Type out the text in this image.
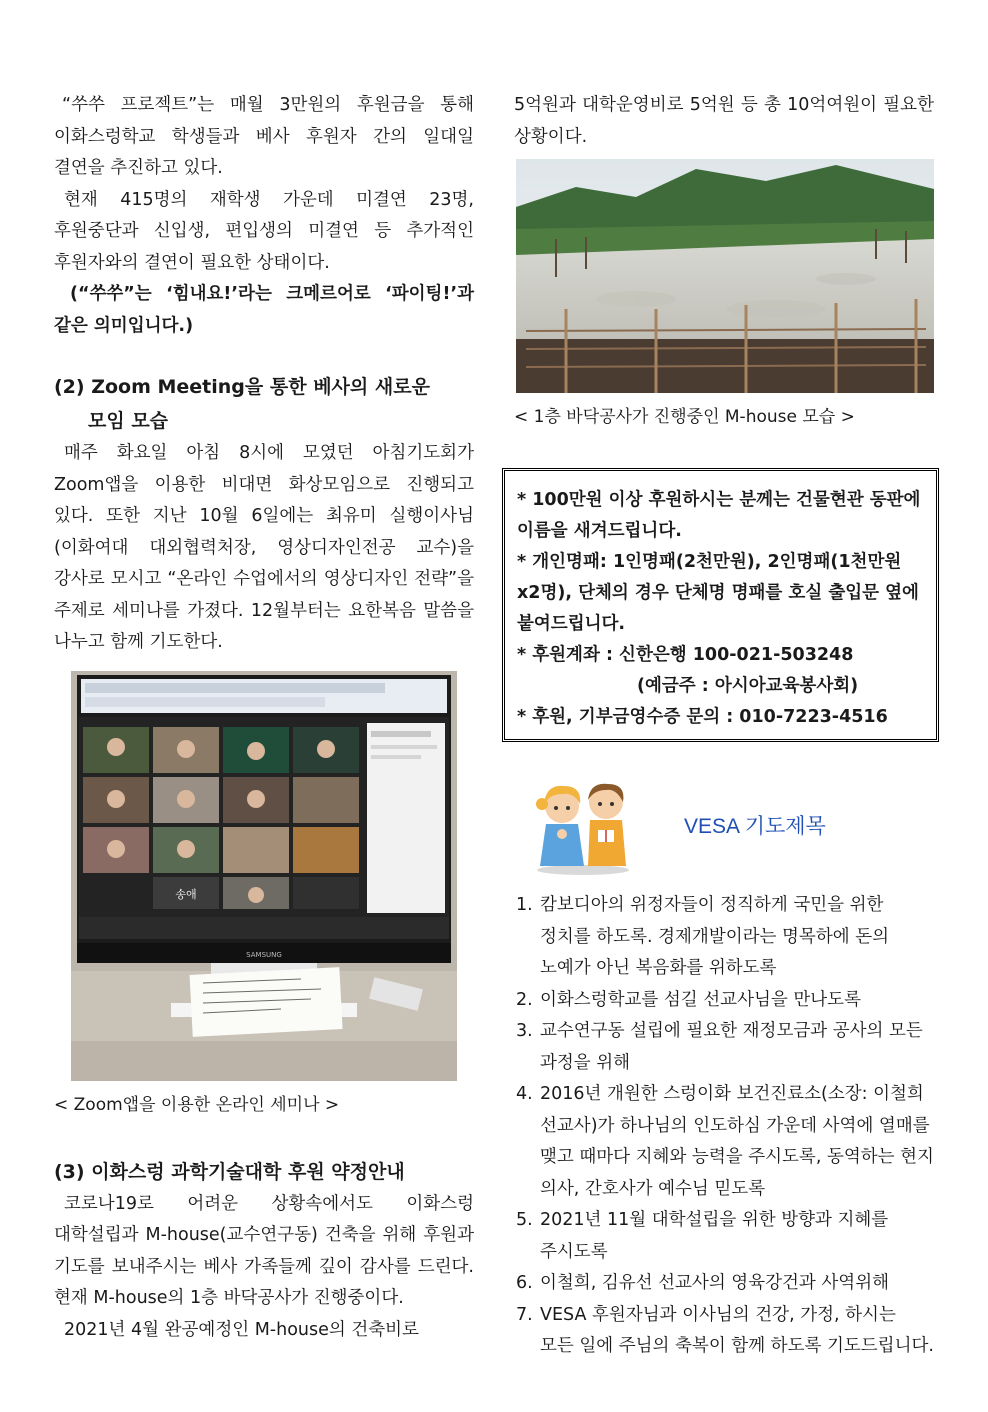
“쑤쑤 프로젝트”는 매월 3만원의 후원금을 통해 이화스렁학교 학생들과 베사 후원자 간의 일대일 결연을 추진하고 있다.

현재 415명의 재학생 가운데 미결연 23명, 후원중단과 신입생, 편입생의 미결연 등 추가적인 후원자와의 결연이 필요한 상태이다.

(“쑤쑤”는 ‘힘내요!’라는 크메르어로 ‘파이팅!’과 같은 의미입니다.)

(2) Zoom Meeting을 통한 베사의 새로운
모임 모습

매주 화요일 아침 8시에 모였던 아침기도회가 Zoom앱을 이용한 비대면 화상모임으로 진행되고 있다. 또한 지난 10월 6일에는 최유미 실행이사님(이화여대 대외협력처장, 영상디자인전공 교수)을 강사로 모시고 “온라인 수업에서의 영상디자인 전략”을 주제로 세미나를 가졌다. 12월부터는 요한복음 말씀을 나누고 함께 기도한다.

송애
SAMSUNG

< Zoom앱을 이용한 온라인 세미나 >

(3) 이화스렁 과학기술대학 후원 약정안내

코로나19로 어려운 상황속에서도 이화스렁 대학설립과 M-house(교수연구동) 건축을 위해 후원과 기도를 보내주시는 베사 가족들께 깊이 감사를 드린다. 현재 M-house의 1층 바닥공사가 진행중이다.

2021년 4월 완공예정인 M-house의 건축비로

5억원과 대학운영비로 5억원 등 총 10억여원이 필요한 상황이다.

< 1층 바닥공사가 진행중인 M-house 모습 >

* 100만원 이상 후원하시는 분께는 건물현관 동판에 이름을 새겨드립니다.

* 개인명패: 1인명패(2천만원), 2인명패(1천만원 x2명), 단체의 경우 단체명 명패를 호실 출입문 옆에 붙여드립니다.

* 후원계좌 : 신한은행 100-021-503248

(예금주 : 아시아교육봉사회)

* 후원, 기부금영수증 문의 : 010-7223-4516

VESA 기도제목
1. 캄보디아의 위정자들이 정직하게 국민을 위한 정치를 하도록. 경제개발이라는 명목하에 돈의 노예가 아닌 복음화를 위하도록
2. 이화스렁학교를 섬길 선교사님을 만나도록
3. 교수연구동 설립에 필요한 재정모금과 공사의 모든 과정을 위해
4. 2016년 개원한 스렁이화 보건진료소(소장: 이철희 선교사)가 하나님의 인도하심 가운데 사역에 열매를 맺고 때마다 지혜와 능력을 주시도록, 동역하는 현지 의사, 간호사가 예수님 믿도록
5. 2021년 11월 대학설립을 위한 방향과 지혜를 주시도록
6. 이철희, 김유선 선교사의 영육강건과 사역위해
7. VESA 후원자님과 이사님의 건강, 가정, 하시는 모든 일에 주님의 축복이 함께 하도록 기도드립니다.
